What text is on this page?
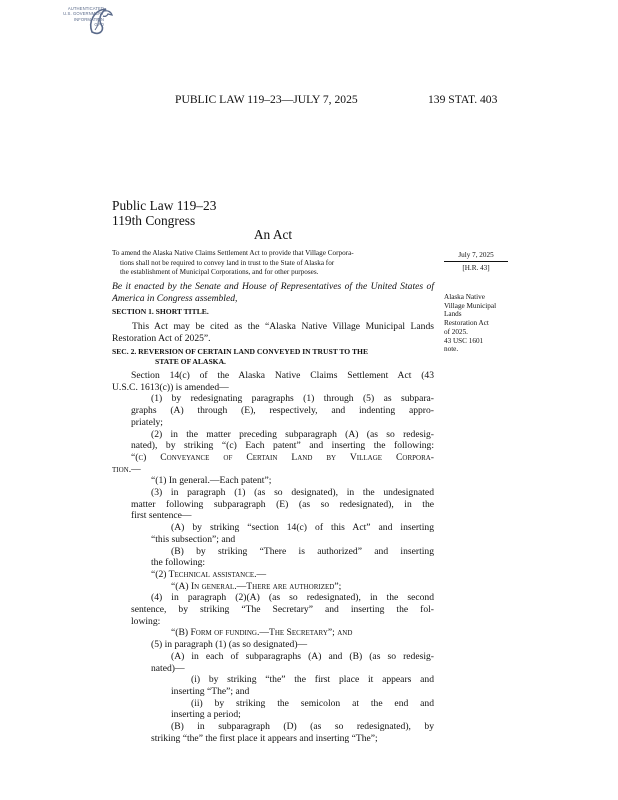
AUTHENTICATED
U.S. GOVERNMENT
INFORMATION
GPO
PUBLIC LAW 119–23—JULY 7, 2025	139 STAT. 403
Public Law 119–23
119th Congress
An Act
To amend the Alaska Native Claims Settlement Act to provide that Village Corpora-
tions shall not be required to convey land in trust to the State of Alaska for
the establishment of Municipal Corporations, and for other purposes.
July 7, 2025
[H.R. 43]
Be it enacted by the Senate and House of Representatives of the United States of America in Congress assembled,	Alaska Native
Village Municipal
Lands
Restoration Act
of 2025.
43 USC 1601
note.
SECTION 1. SHORT TITLE.
This Act may be cited as the “Alaska Native Village Municipal Lands Restoration Act of 2025”.
SEC. 2. REVERSION OF CERTAIN LAND CONVEYED IN TRUST TO THE
STATE OF ALASKA.
Section 14(c) of the Alaska Native Claims Settlement Act (43
U.S.C. 1613(c)) is amended—
(1) by redesignating paragraphs (1) through (5) as subpara-
graphs (A) through (E), respectively, and indenting appro-
priately;
(2) in the matter preceding subparagraph (A) (as so redesig-
nated), by striking “(c) Each patent” and inserting the following:
“(c) Conveyance of Certain Land by Village Corpora-
tion.—
“(1) In general.—Each patent”;
(3) in paragraph (1) (as so designated), in the undesignated
matter following subparagraph (E) (as so redesignated), in the
first sentence—
(A) by striking “section 14(c) of this Act” and inserting
“this subsection”; and
(B) by striking “There is authorized” and inserting
the following:
“(2) Technical assistance.—
“(A) In general.—There are authorized”;
(4) in paragraph (2)(A) (as so redesignated), in the second
sentence, by striking “The Secretary” and inserting the fol-
lowing:
“(B) Form of funding.—The Secretary”; and
(5) in paragraph (1) (as so designated)—
(A) in each of subparagraphs (A) and (B) (as so redesig-
nated)—
(i) by striking “the” the first place it appears and
inserting “The”; and
(ii) by striking the semicolon at the end and
inserting a period;
(B) in subparagraph (D) (as so redesignated), by
striking “the” the first place it appears and inserting “The”;
